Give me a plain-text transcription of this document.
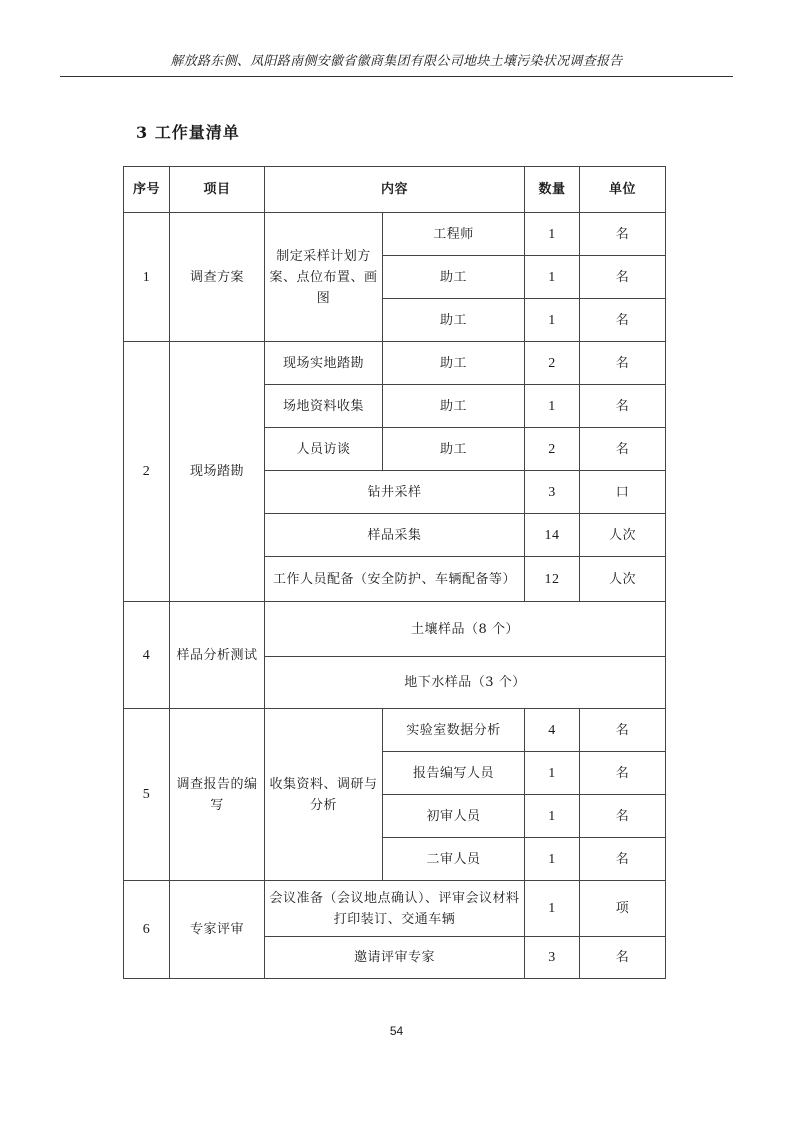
解放路东侧、凤阳路南侧安徽省徽商集团有限公司地块土壤污染状况调查报告
3 工作量清单
序号	项目	内容		数量	单位
1	调查方案	制定采样计划方案、点位布置、画图	工程师	1	名
			助工	1	名
			助工	1	名
2	现场踏勘	现场实地踏勘	助工	2	名
		场地资料收集	助工	1	名
		人员访谈	助工	2	名
		钻井采样		3	口
		样品采集		14	人次
		工作人员配备（安全防护、车辆配备等）		12	人次
4	样品分析测试	土壤样品（8 个）			
		地下水样品（3 个）			
5	调查报告的编写	收集资料、调研与分析	实验室数据分析	4	名
			报告编写人员	1	名
			初审人员	1	名
			二审人员	1	名
6	专家评审	会议准备（会议地点确认）、评审会议材料打印装订、交通车辆		1	项
		邀请评审专家		3	名
54
